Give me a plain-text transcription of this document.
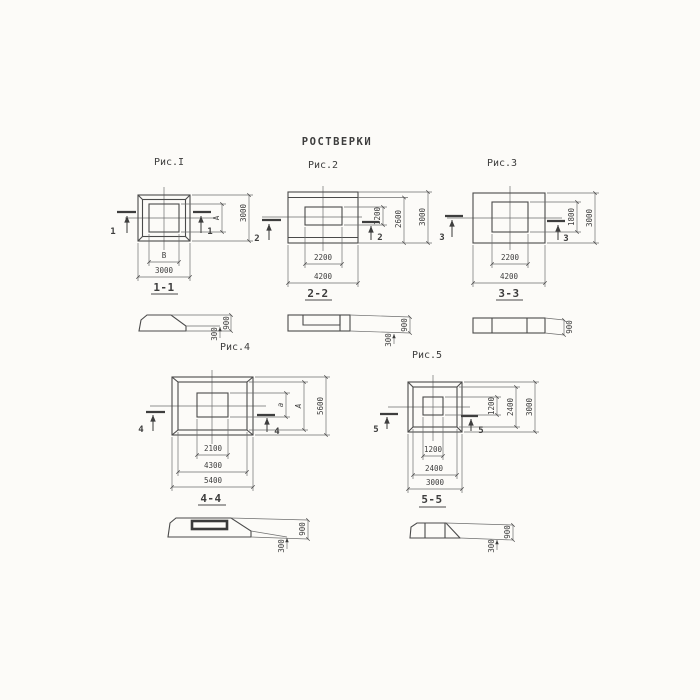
РОСТВЕРКИ
Рис.I
A 3000
B
3000
1	1
Рис.2
1200 2600 3000
2200
4200
2	2
Рис.3
1800 3000
2200
4200
3	3
1-1
900
300
2-2
900
300
3-3
900
Рис.4
a A 5600
2100
4300
5400
4	4
Рис.5
1200 2400 3000
1200
2400
3000
5	5
4-4
900
300
5-5
900
300
